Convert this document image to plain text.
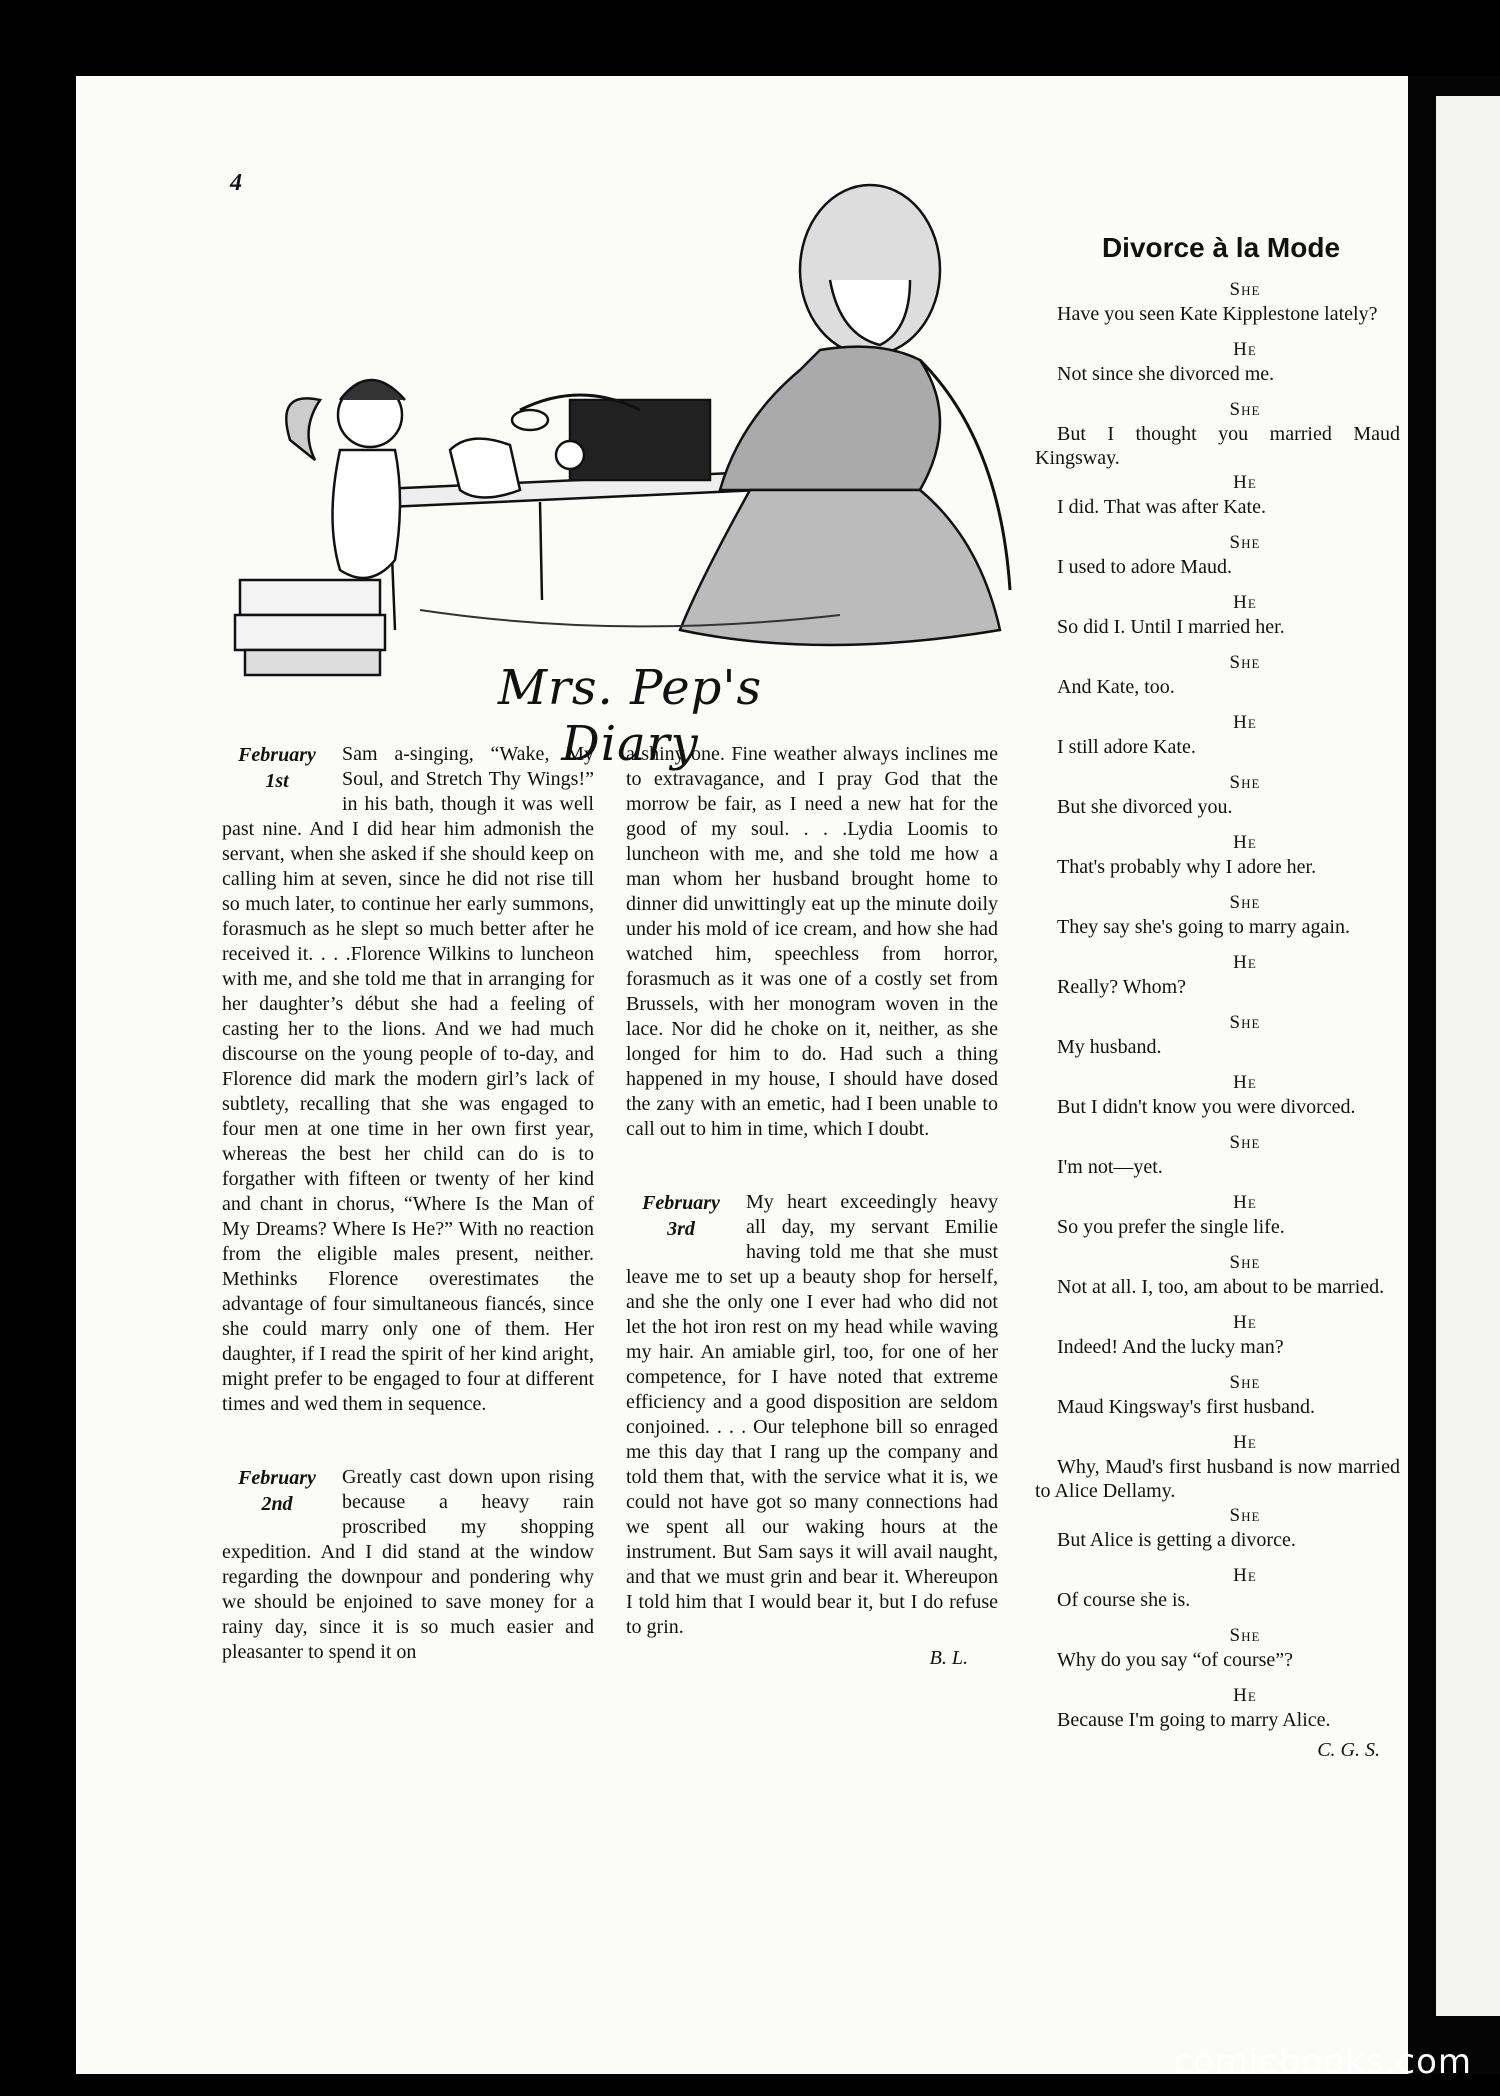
4
Mrs. Pep's Diary
February
1st

Sam a-singing, “Wake, My Soul, and Stretch Thy Wings!” in his bath, though it was well past nine. And I did hear him admonish the servant, when she asked if she should keep on calling him at seven, since he did not rise till so much later, to continue her early summons, forasmuch as he slept so much better after he received it. . . .Florence Wilkins to luncheon with me, and she told me that in arranging for her daughter’s début she had a feeling of casting her to the lions. And we had much discourse on the young people of to-day, and Florence did mark the modern girl’s lack of subtlety, recalling that she was engaged to four men at one time in her own first year, whereas the best her child can do is to forgather with fifteen or twenty of her kind and chant in chorus, “Where Is the Man of My Dreams? Where Is He?” With no reaction from the eligible males present, neither. Methinks Florence overestimates the advantage of four simultaneous fiancés, since she could marry only one of them. Her daughter, if I read the spirit of her kind aright, might prefer to be engaged to four at different times and wed them in sequence.

February
2nd

Greatly cast down upon rising because a heavy rain proscribed my shopping expedition. And I did stand at the window regarding the downpour and pondering why we should be enjoined to save money for a rainy day, since it is so much easier and pleasanter to spend it on

a shiny one. Fine weather always inclines me to extravagance, and I pray God that the morrow be fair, as I need a new hat for the good of my soul. . . .Lydia Loomis to luncheon with me, and she told me how a man whom her husband brought home to dinner did unwittingly eat up the minute doily under his mold of ice cream, and how she had watched him, speechless from horror, forasmuch as it was one of a costly set from Brussels, with her monogram woven in the lace. Nor did he choke on it, neither, as she longed for him to do. Had such a thing happened in my house, I should have dosed the zany with an emetic, had I been unable to call out to him in time, which I doubt.

February
3rd

My heart exceedingly heavy all day, my servant Emilie having told me that she must leave me to set up a beauty shop for herself, and she the only one I ever had who did not let the hot iron rest on my head while waving my hair. An amiable girl, too, for one of her competence, for I have noted that extreme efficiency and a good disposition are seldom conjoined. . . . Our telephone bill so enraged me this day that I rang up the company and told them that, with the service what it is, we could not have got so many connections had we spent all our waking hours at the instrument. But Sam says it will avail naught, and that we must grin and bear it. Whereupon I told him that I would bear it, but I do refuse to grin.

B. L.
Divorce à la Mode
She
Have you seen Kate Kipplestone lately?
He
Not since she divorced me.
She
But I thought you married Maud Kingsway.
He
I did. That was after Kate.
She
I used to adore Maud.
He
So did I. Until I married her.
She
And Kate, too.
He
I still adore Kate.
She
But she divorced you.
He
That's probably why I adore her.
She
They say she's going to marry again.
He
Really? Whom?
She
My husband.
He
But I didn't know you were divorced.
She
I'm not—yet.
He
So you prefer the single life.
She
Not at all. I, too, am about to be married.
He
Indeed! And the lucky man?
She
Maud Kingsway's first husband.
He
Why, Maud's first husband is now married to Alice Dellamy.
She
But Alice is getting a divorce.
He
Of course she is.
She
Why do you say “of course”?
He
Because I'm going to marry Alice.
C. G. S.
comicbooks.com
